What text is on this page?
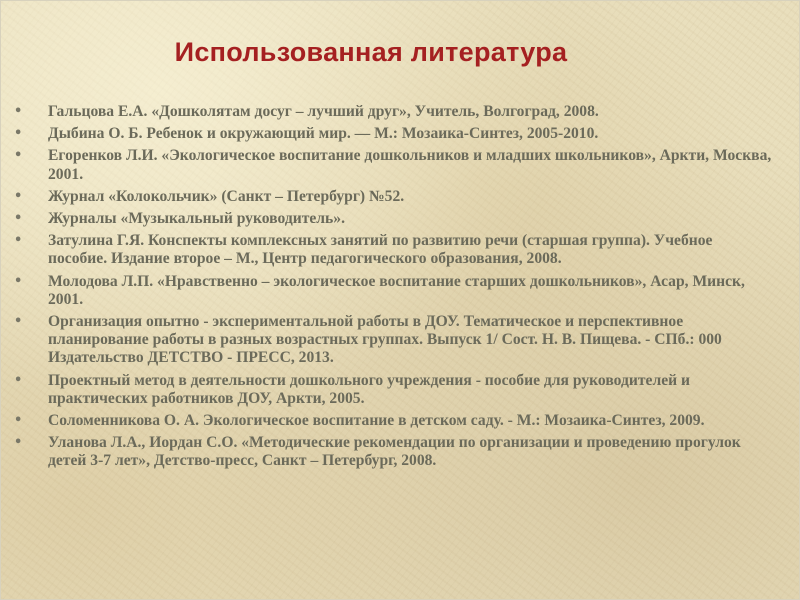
Использованная литература
• Гальцова Е.А. «Дошколятам досуг – лучший друг», Учитель, Волгоград, 2008.
• Дыбина О. Б. Ребенок и окружающий мир. — М.: Мозаика-Синтез, 2005-2010.
• Егоренков Л.И. «Экологическое воспитание дошкольников и младших школьников», Аркти, Москва, 2001.
• Журнал «Колокольчик» (Санкт – Петербург) №52.
• Журналы «Музыкальный руководитель».
• Затулина Г.Я. Конспекты комплексных занятий по развитию речи (старшая группа). Учебное пособие. Издание второе – М., Центр педагогического образования, 2008.
• Молодова Л.П. «Нравственно – экологическое воспитание старших дошкольников», Асар, Минск, 2001.
• Организация опытно - экспериментальной работы в ДОУ. Тематическое и перспективное планирование работы в разных возрастных группах. Выпуск 1/ Сост. Н. В. Пищева. - СПб.: 000 Издательство ДЕТСТВО - ПРЕСС, 2013.
• Проектный метод в деятельности дошкольного учреждения - пособие для руководителей и практических работников ДОУ, Аркти, 2005.
• Соломенникова О. А. Экологическое воспитание в детском саду. - М.: Мозаика-Синтез, 2009.
• Уланова Л.А., Иордан С.О. «Методические рекомендации по организации и проведению прогулок детей 3-7 лет», Детство-пресс, Санкт – Петербург, 2008.
